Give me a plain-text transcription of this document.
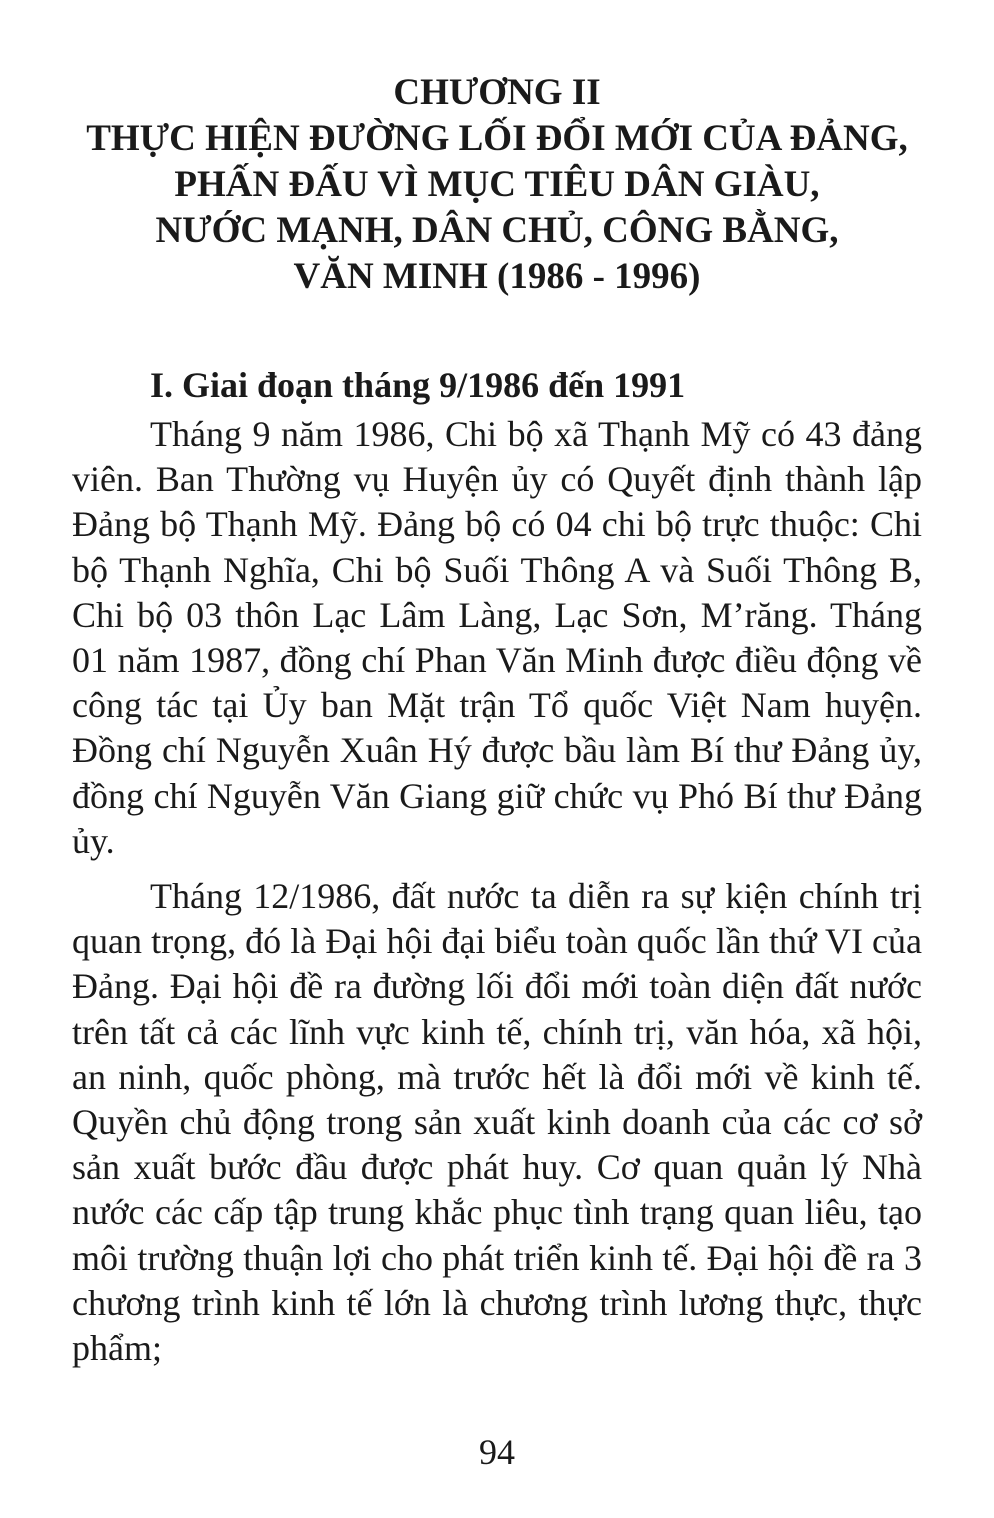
CHƯƠNG II
THỰC HIỆN ĐƯỜNG LỐI ĐỔI MỚI CỦA ĐẢNG,
PHẤN ĐẤU VÌ MỤC TIÊU DÂN GIÀU,
NƯỚC MẠNH, DÂN CHỦ, CÔNG BẰNG,
VĂN MINH (1986 - 1996)
I. Giai đoạn tháng 9/1986 đến 1991

Tháng 9 năm 1986, Chi bộ xã Thạnh Mỹ có 43 đảng viên. Ban Thường vụ Huyện ủy có Quyết định thành lập Đảng bộ Thạnh Mỹ. Đảng bộ có 04 chi bộ trực thuộc: Chi bộ Thạnh Nghĩa, Chi bộ Suối Thông A và Suối Thông B, Chi bộ 03 thôn Lạc Lâm Làng, Lạc Sơn, M’răng. Tháng 01 năm 1987, đồng chí Phan Văn Minh được điều động về công tác tại Ủy ban Mặt trận Tổ quốc Việt Nam huyện. Đồng chí Nguyễn Xuân Hý được bầu làm Bí thư Đảng ủy, đồng chí Nguyễn Văn Giang giữ chức vụ Phó Bí thư Đảng ủy.

Tháng 12/1986, đất nước ta diễn ra sự kiện chính trị quan trọng, đó là Đại hội đại biểu toàn quốc lần thứ VI của Đảng. Đại hội đề ra đường lối đổi mới toàn diện đất nước trên tất cả các lĩnh vực kinh tế, chính trị, văn hóa, xã hội, an ninh, quốc phòng, mà trước hết là đổi mới về kinh tế. Quyền chủ động trong sản xuất kinh doanh của các cơ sở sản xuất bước đầu được phát huy. Cơ quan quản lý Nhà nước các cấp tập trung khắc phục tình trạng quan liêu, tạo môi trường thuận lợi cho phát triển kinh tế. Đại hội đề ra 3 chương trình kinh tế lớn là chương trình lương thực, thực phẩm;

94
